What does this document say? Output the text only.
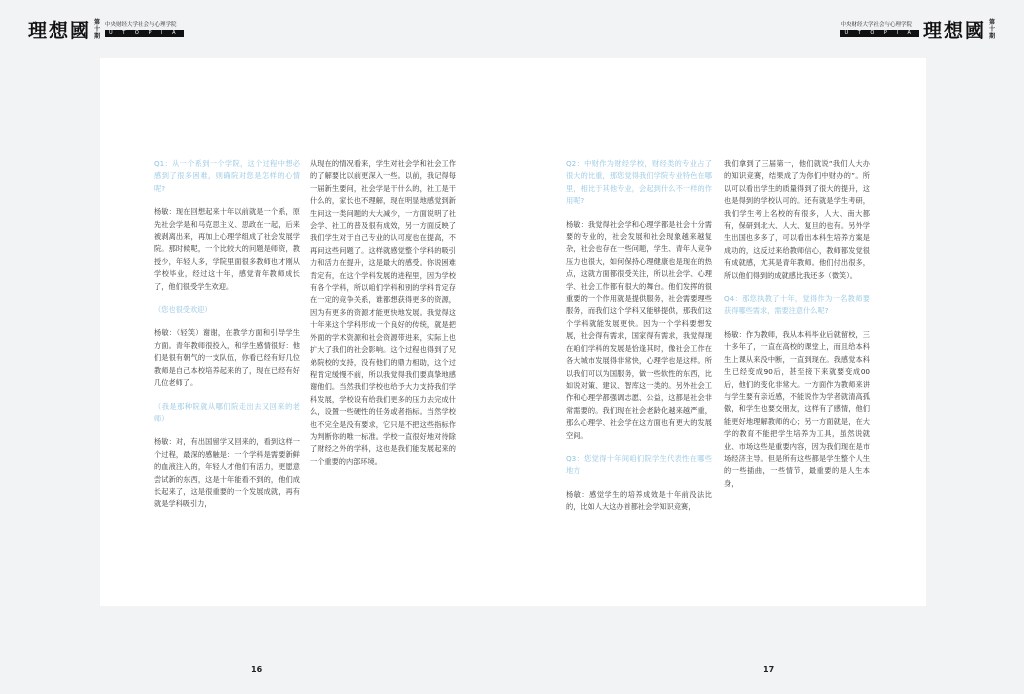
理想國 第
十
期
中央财经大学社会与心理学院
U T O P I A
第
十
期
理想國
中央财经大学社会与心理学院
U T O P I A

Q1：从一个系到一个学院，这个过程中想必感到了很多困难，则确院对您是怎样的心情呢?

杨敏：现在回想起来十年以前就是一个系，原先社会学是和马克思主义、思政在一起，后来被剥离出来，再加上心理学组成了社会发展学院。那时候呢，一个比较大的问题是师资，教授少，年轻人多，学院里面很多教师也才刚从学校毕业，经过这十年，感觉青年教师成长了，他们很受学生欢迎。

（您也很受欢迎）

杨敏：（轻笑）谢谢，在教学方面和引导学生方面。青年教师很投入，和学生感情很好：他们是很有朝气的一支队伍，你看已经有好几位教师是自己本校培养起来的了，现在已经有好几位老师了。

（我是那种院就从哪们院走出去又回来的老师）

杨敏：对，有出国留学又回来的，看到这样一个过程，最深的感触是：一个学科是需要新鲜的血液注入的，年轻人才他们有活力，更愿意尝试新的东西，这是十年能看不到的，他们成长起来了，这是很重要的一个发展成就，再有就是学科吸引力，

从现在的情况看来，学生对社会学和社会工作的了解要比以前更深入一些。以前，我记得每一届新生要问，社会学是干什么的，社工是干什么的，家长也不理解，现在明显地感觉到新生问这一类问题的大大减少，一方面说明了社会学、社工的普及很有成效，另一方面反映了我们学生对于自己专业的认可度也在提高，不再问这些问题了。这样就感觉整个学科的吸引力和活力在提升，这是最大的感受。你说困难肯定有，在这个学科发展的进程里，因为学校有各个学科，所以咱们学科和别的学科肯定存在一定的竞争关系，谁都想获得更多的资源，因为有更多的资源才能更快地发展。我觉得这十年来这个学科形成一个良好的传统，就是把外面的学术资源和社会资源带进来，实际上也扩大了我们的社会影响。这个过程也得到了兄弟院校的支持，没有他们的鼎力相助，这个过程肯定缓慢不前，所以我觉得我们要真挚地感谢他们。当然我们学校也给予大力支持我们学科发展，学校设有给我们更多的压力去完成什么，设置一些硬性的任务或者指标。当然学校也不完全是没有要求，它只是不把这些指标作为判断你的唯一标准。学校一直很好地对待除了财经之外的学科，这也是我们能发展起来的一个重要的内部环境。

Q2：中财作为财经学校，财经类的专业占了很大的比重，那您觉得我们学院专业特色在哪里，相比于其他专业，会起到什么不一样的作用呢?

杨敏：我觉得社会学和心理学都是社会十分需要的专业的，社会发展和社会现象越来越复杂，社会也存在一些问题，学生、青年人竞争压力也很大，如何保持心理健康也是现在的热点，这就方面都很受关注，所以社会学、心理学、社会工作都有很大的舞台。他们发挥的很重要的一个作用就是提供服务，社会需要理些服务，而我们这个学科又能够提供，那我们这个学科就能发展更快。因为一个学科要想发展，社会得有需求，国家得有需求，我觉得现在咱们学科的发展是恰逢其时，像社会工作在各大城市发展得非常快，心理学也是这样。所以我们可以为国服务，做一些软性的东西，比如说对策、建议、智库这一类的。另外社会工作和心理学都强调志愿、公益，这都是社会非常需要的。我们现在社会老龄化越来越严重，那么心理学、社会学在这方面也有更大的发展空间。

Q3：您觉得十年间咱们院学生代表性在哪些地方

杨敏：感觉学生的培养成效是十年前没法比的，比如人大这办首都社会学知识竞赛，

我们拿到了三届第一，他们就说“我们人大办的知识竞赛，结果成了为你们中财办的”。所以可以看出学生的质量得到了很大的提升，这也是得到的学校认可的。还有就是学生考研，我们学生考上名校的有很多，人大、南大都有，保研到北大、人大、复旦的也有。另外学生出国也多多了，可以看出本科生培养方案是成功的，这反过来给教师信心，教师都发觉很有成就感，尤其是青年教师。他们付出很多，所以他们得到的成就感比我还多（微笑）。

Q4：那您执教了十年，觉得作为一名教师要获得哪些需求，需要注意什么呢?

杨敏：作为教师，我从本科毕业后就留校，三十多年了，一直在高校的课堂上，而且给本科生上课从来没中断，一直到现在。我感觉本科生已经变成90后，甚至接下来就要变成00后，他们的变化非常大。一方面作为教师来讲与学生要有亲近感，不能说作为学者就清高孤傲，和学生也要交朋友，这样有了感情，他们能更好地理解教师的心；另一方面就是，在大学的教育不能把学生培养为工具，虽然说就业、市场这些是重要内容，因为我们现在是市场经济主导。但是所有这些都是学生整个人生的一些插曲，一些情节，最重要的是人生本身，

16	17
